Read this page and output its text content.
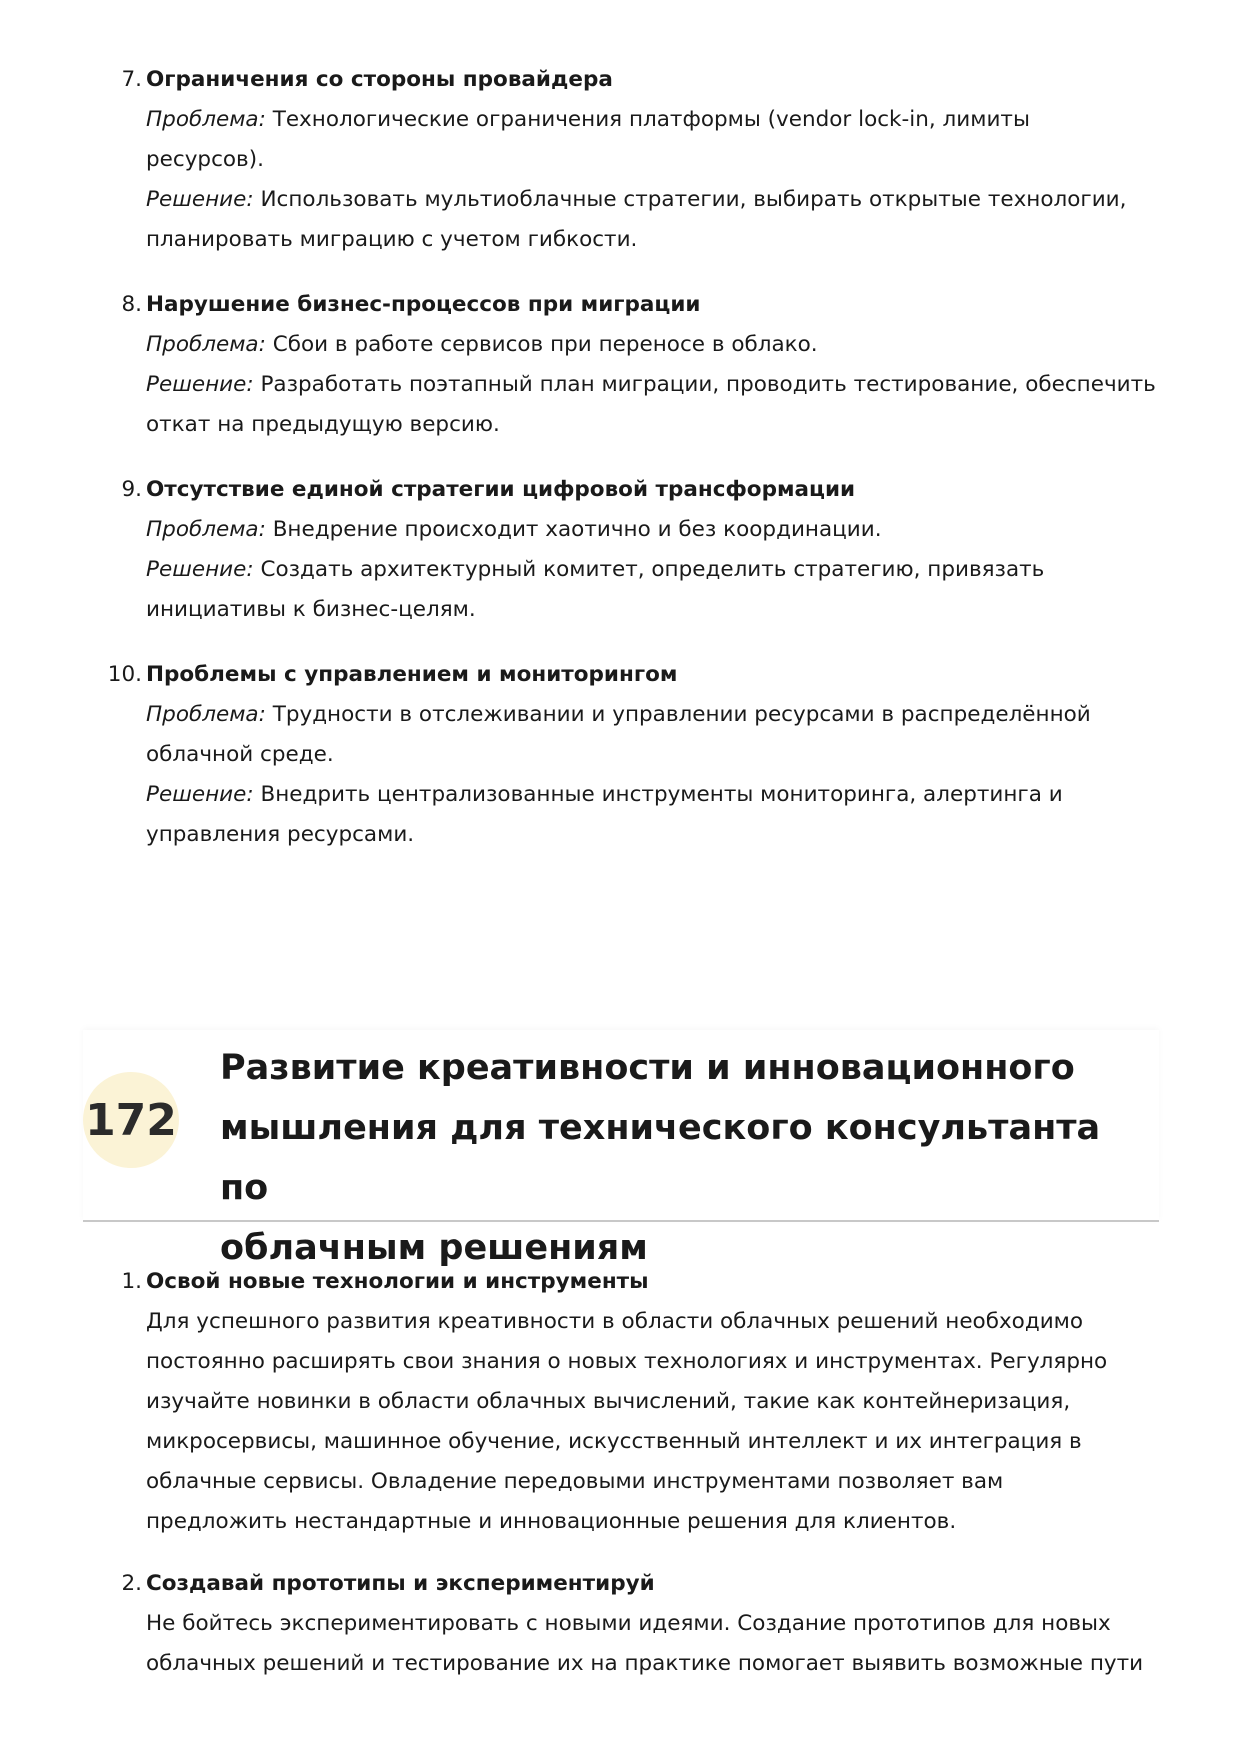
7. Ограничения со стороны провайдера

Проблема: Технологические ограничения платформы (vendor lock-in, лимиты

ресурсов).

Решение: Использовать мультиоблачные стратегии, выбирать открытые технологии,

планировать миграцию с учетом гибкости.

8. Нарушение бизнес-процессов при миграции

Проблема: Сбои в работе сервисов при переносе в облако.

Решение: Разработать поэтапный план миграции, проводить тестирование, обеспечить

откат на предыдущую версию.

9. Отсутствие единой стратегии цифровой трансформации

Проблема: Внедрение происходит хаотично и без координации.

Решение: Создать архитектурный комитет, определить стратегию, привязать

инициативы к бизнес-целям.

10. Проблемы с управлением и мониторингом

Проблема: Трудности в отслеживании и управлении ресурсами в распределённой

облачной среде.

Решение: Внедрить централизованные инструменты мониторинга, алертинга и

управления ресурсами.

172
Развитие креативности и инновационного
мышления для технического консультанта по
облачным решениям
1. Освой новые технологии и инструменты

Для успешного развития креативности в области облачных решений необходимо

постоянно расширять свои знания о новых технологиях и инструментах. Регулярно

изучайте новинки в области облачных вычислений, такие как контейнеризация,

микросервисы, машинное обучение, искусственный интеллект и их интеграция в

облачные сервисы. Овладение передовыми инструментами позволяет вам

предложить нестандартные и инновационные решения для клиентов.

2. Создавай прототипы и экспериментируй

Не бойтесь экспериментировать с новыми идеями. Создание прототипов для новых

облачных решений и тестирование их на практике помогает выявить возможные пути
